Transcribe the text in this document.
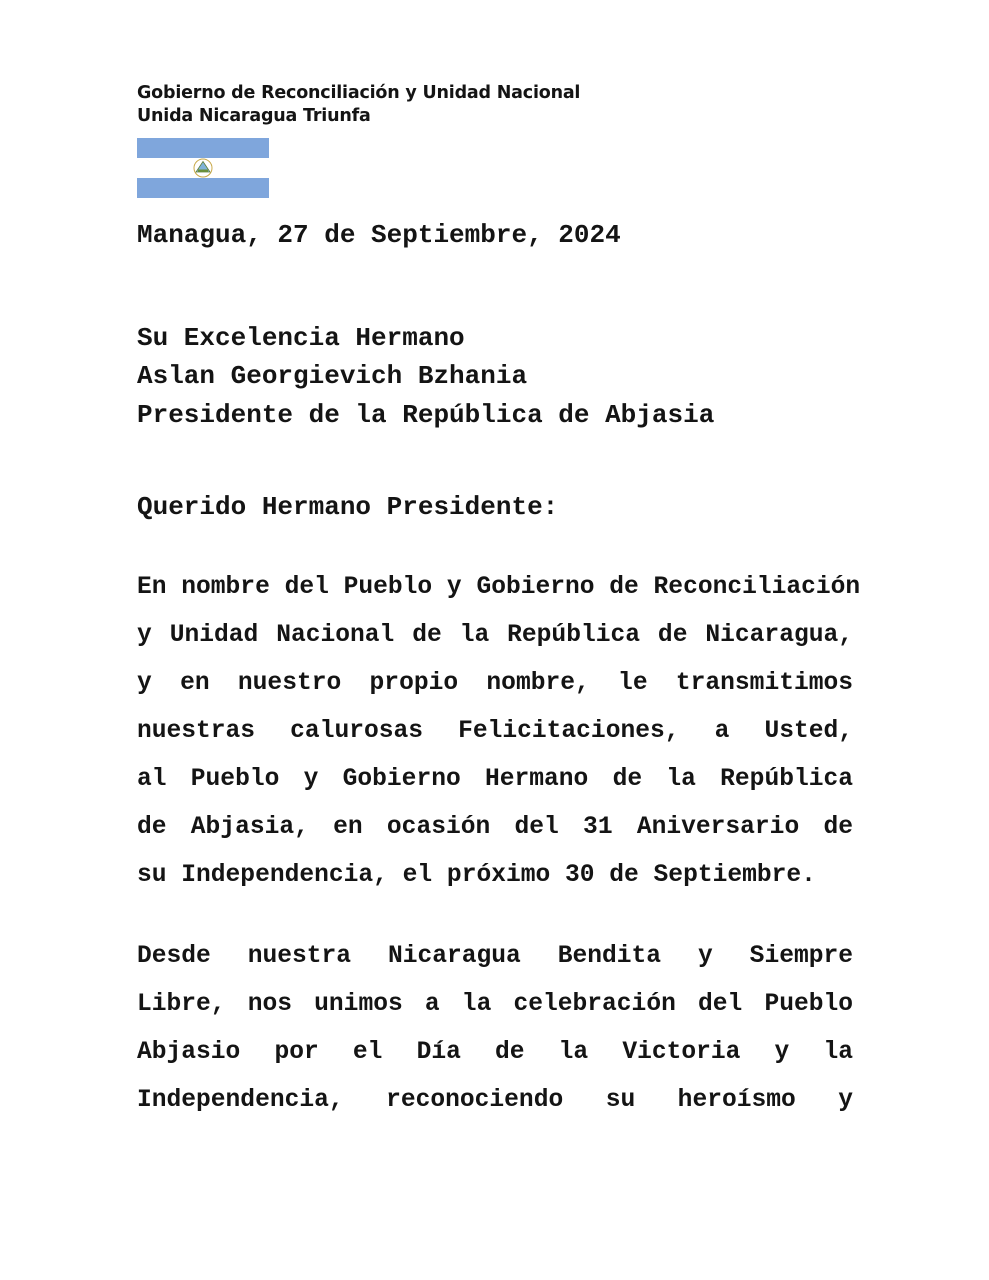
Gobierno de Reconciliación y Unidad Nacional
Unida Nicaragua Triunfa
Managua, 27 de Septiembre, 2024
Su Excelencia Hermano
Aslan Georgievich Bzhania
Presidente de la República de Abjasia
Querido Hermano Presidente:
En nombre del Pueblo y Gobierno de Reconciliación
y Unidad Nacional de la República de Nicaragua,
y en nuestro propio nombre, le transmitimos
nuestras calurosas Felicitaciones, a Usted,
al Pueblo y Gobierno Hermano de la República
de Abjasia, en ocasión del 31 Aniversario de
su Independencia, el próximo 30 de Septiembre.
Desde nuestra Nicaragua Bendita y Siempre
Libre, nos unimos a la celebración del Pueblo
Abjasio por el Día de la Victoria y la
Independencia, reconociendo su heroísmo y
